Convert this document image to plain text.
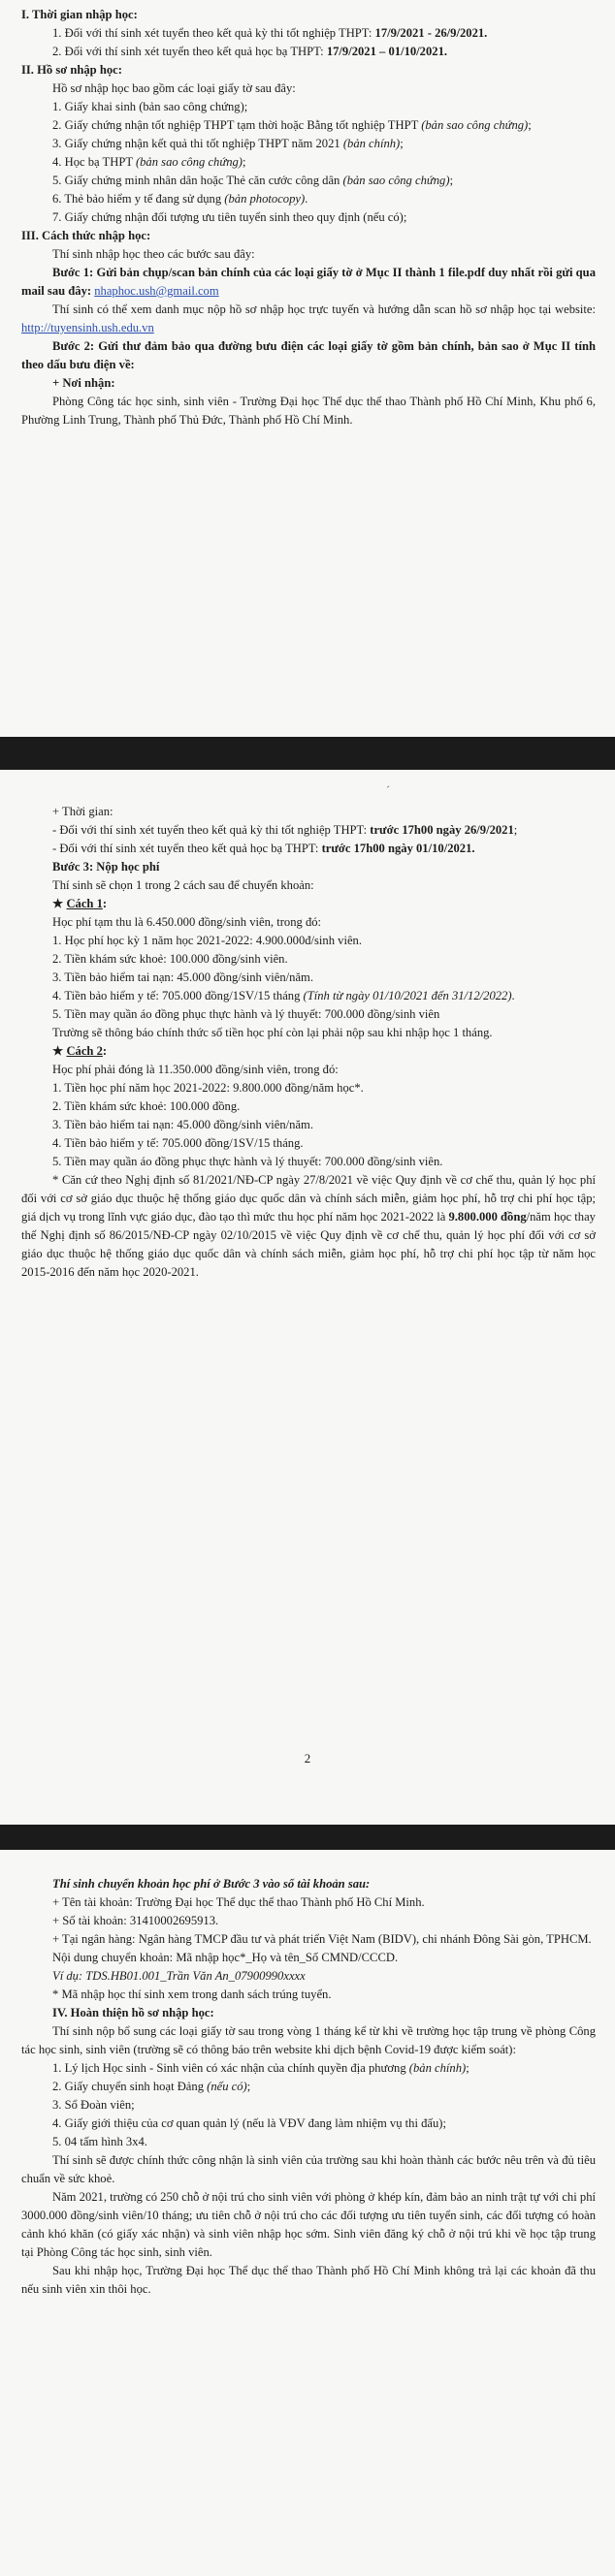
I. Thời gian nhập học:

1. Đối với thí sinh xét tuyển theo kết quả kỳ thi tốt nghiệp THPT: 17/9/2021 - 26/9/2021.

2. Đối với thí sinh xét tuyển theo kết quả học bạ THPT: 17/9/2021 – 01/10/2021.

II. Hồ sơ nhập học:

Hồ sơ nhập học bao gồm các loại giấy tờ sau đây:

1. Giấy khai sinh (bản sao công chứng);

2. Giấy chứng nhận tốt nghiệp THPT tạm thời hoặc Bằng tốt nghiệp THPT (bản sao công chứng);

3. Giấy chứng nhận kết quả thi tốt nghiệp THPT năm 2021 (bản chính);

4. Học bạ THPT (bản sao công chứng);

5. Giấy chứng minh nhân dân hoặc Thẻ căn cước công dân (bản sao công chứng);

6. Thẻ bảo hiểm y tế đang sử dụng (bản photocopy).

7. Giấy chứng nhận đối tượng ưu tiên tuyển sinh theo quy định (nếu có);

III. Cách thức nhập học:

Thí sinh nhập học theo các bước sau đây:

Bước 1: Gửi bản chụp/scan bản chính của các loại giấy tờ ở Mục II thành 1 file.pdf duy nhất rồi gửi qua mail sau đây: nhaphoc.ush@gmail.com

Thí sinh có thể xem danh mục nộp hồ sơ nhập học trực tuyến và hướng dẫn scan hồ sơ nhập học tại website: http://tuyensinh.ush.edu.vn

Bước 2: Gửi thư đảm bảo qua đường bưu điện các loại giấy tờ gồm bản chính, bản sao ở Mục II tính theo dấu bưu điện về:

+ Nơi nhận:

Phòng Công tác học sinh, sinh viên - Trường Đại học Thể dục thể thao Thành phố Hồ Chí Minh, Khu phố 6, Phường Linh Trung, Thành phố Thủ Đức, Thành phố Hồ Chí Minh.

ˊ

+ Thời gian:

- Đối với thí sinh xét tuyển theo kết quả kỳ thi tốt nghiệp THPT: trước 17h00 ngày 26/9/2021;

- Đối với thí sinh xét tuyển theo kết quả học bạ THPT: trước 17h00 ngày 01/10/2021.

Bước 3: Nộp học phí

Thí sinh sẽ chọn 1 trong 2 cách sau để chuyển khoản:

★ Cách 1:

Học phí tạm thu là 6.450.000 đồng/sinh viên, trong đó:

1. Học phí học kỳ 1 năm học 2021-2022: 4.900.000đ/sinh viên.

2. Tiền khám sức khoẻ: 100.000 đồng/sinh viên.

3. Tiền bảo hiểm tai nạn: 45.000 đồng/sinh viên/năm.

4. Tiền bảo hiểm y tế: 705.000 đồng/1SV/15 tháng (Tính từ ngày 01/10/2021 đến 31/12/2022).

5. Tiền may quần áo đồng phục thực hành và lý thuyết: 700.000 đồng/sinh viên

Trường sẽ thông báo chính thức số tiền học phí còn lại phải nộp sau khi nhập học 1 tháng.

★ Cách 2:

Học phí phải đóng là 11.350.000 đồng/sinh viên, trong đó:

1. Tiền học phí năm học 2021-2022: 9.800.000 đồng/năm học*.

2. Tiền khám sức khoẻ: 100.000 đồng.

3. Tiền bảo hiểm tai nạn: 45.000 đồng/sinh viên/năm.

4. Tiền bảo hiểm y tế: 705.000 đồng/1SV/15 tháng.

5. Tiền may quần áo đồng phục thực hành và lý thuyết: 700.000 đồng/sinh viên.

* Căn cứ theo Nghị định số 81/2021/NĐ-CP ngày 27/8/2021 về việc Quy định về cơ chế thu, quản lý học phí đối với cơ sở giáo dục thuộc hệ thống giáo dục quốc dân và chính sách miễn, giảm học phí, hỗ trợ chi phí học tập; giá dịch vụ trong lĩnh vực giáo dục, đào tạo thì mức thu học phí năm học 2021-2022 là 9.800.000 đồng/năm học thay thế Nghị định số 86/2015/NĐ-CP ngày 02/10/2015 về việc Quy định về cơ chế thu, quản lý học phí đối với cơ sở giáo dục thuộc hệ thống giáo dục quốc dân và chính sách miễn, giảm học phí, hỗ trợ chi phí học tập từ năm học 2015-2016 đến năm học 2020-2021.

2

Thí sinh chuyển khoản học phí ở Bước 3 vào số tài khoản sau:

+ Tên tài khoản: Trường Đại học Thể dục thể thao Thành phố Hồ Chí Minh.

+ Số tài khoản: 31410002695913.

+ Tại ngân hàng: Ngân hàng TMCP đầu tư và phát triển Việt Nam (BIDV), chi nhánh Đông Sài gòn, TPHCM.

Nội dung chuyển khoản: Mã nhập học*_Họ và tên_Số CMND/CCCD.

Ví dụ: TDS.HB01.001_Trần Văn An_07900990xxxx

* Mã nhập học thí sinh xem trong danh sách trúng tuyển.

IV. Hoàn thiện hồ sơ nhập học:

Thí sinh nộp bổ sung các loại giấy tờ sau trong vòng 1 tháng kể từ khi về trường học tập trung về phòng Công tác học sinh, sinh viên (trường sẽ có thông báo trên website khi dịch bệnh Covid-19 được kiểm soát):

1. Lý lịch Học sinh - Sinh viên có xác nhận của chính quyền địa phương (bản chính);

2. Giấy chuyển sinh hoạt Đảng (nếu có);

3. Sổ Đoàn viên;

4. Giấy giới thiệu của cơ quan quản lý (nếu là VĐV đang làm nhiệm vụ thi đấu);

5. 04 tấm hình 3x4.

Thí sinh sẽ được chính thức công nhận là sinh viên của trường sau khi hoàn thành các bước nêu trên và đủ tiêu chuẩn về sức khoẻ.

Năm 2021, trường có 250 chỗ ở nội trú cho sinh viên với phòng ở khép kín, đảm bảo an ninh trật tự với chi phí 3000.000 đồng/sinh viên/10 tháng; ưu tiên chỗ ở nội trú cho các đối tượng ưu tiên tuyển sinh, các đối tượng có hoàn cảnh khó khăn (có giấy xác nhận) và sinh viên nhập học sớm. Sinh viên đăng ký chỗ ở nội trú khi về học tập trung tại Phòng Công tác học sinh, sinh viên.

Sau khi nhập học, Trường Đại học Thể dục thể thao Thành phố Hồ Chí Minh không trả lại các khoản đã thu nếu sinh viên xin thôi học.
